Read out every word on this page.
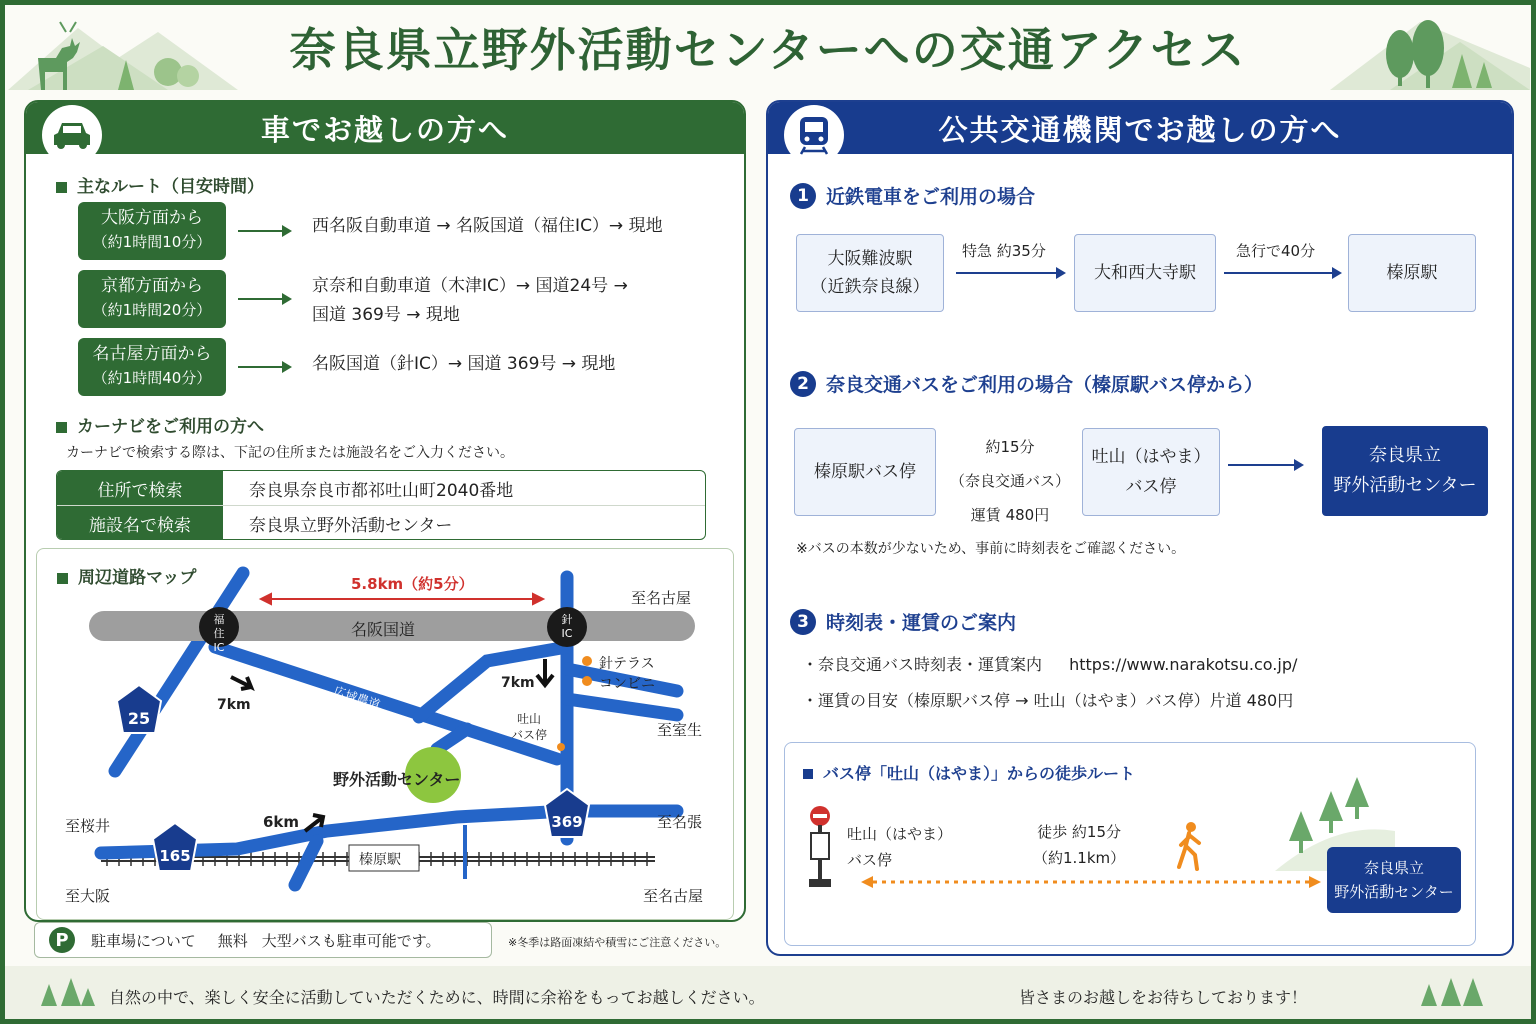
奈良県立野外活動センターへの交通アクセス
車でお越しの方へ
主なルート（目安時間）
大阪方面から
（約1時間10分）
西名阪自動車道 → 名阪国道（福住IC）→ 現地
京都方面から
（約1時間20分）
京奈和自動車道（木津IC）→ 国道24号 →
国道 369号 → 現地
名古屋方面から
（約1時間40分）
名阪国道（針IC）→ 国道 369号 → 現地
カーナビをご利用の方へ
カーナビで検索する際は、下記の住所または施設名をご入力ください。
住所で検索	奈良県奈良市都祁吐山町2040番地
施設名で検索	奈良県立野外活動センター
周辺道路マップ	5.8km（約5分）
名阪国道
福住
IC
針
IC
広域農道
針テラス
コンビニ
7km
7km
6km
吐山
バス停
野外活動センター
榛原駅
25
165
369
至名古屋
至室生
至名張
至桜井
至大阪	至名古屋
P	駐車場について 無料 大型バスも駐車可能です。	※冬季は路面凍結や積雪にご注意ください。
公共交通機関でお越しの方へ
1 近鉄電車をご利用の場合
大阪難波駅
（近鉄奈良線）
特急 約35分
大和西大寺駅
急行で40分
榛原駅
2 奈良交通バスをご利用の場合（榛原駅バス停から）
榛原駅バス停
約15分
（奈良交通バス）
運賃 480円
吐山（はやま）
バス停
奈良県立
野外活動センター
※バスの本数が少ないため、事前に時刻表をご確認ください。
3 時刻表・運賃のご案内
・奈良交通バス時刻表・運賃案内 https://www.narakotsu.co.jp/
・運賃の目安（榛原駅バス停 → 吐山（はやま）バス停）片道 480円
バス停「吐山（はやま）」からの徒歩ルート
吐山（はやま）
バス停
徒歩 約15分
（約1.1km）
奈良県立
野外活動センター
自然の中で、楽しく安全に活動していただくために、時間に余裕をもってお越しください。	皆さまのお越しをお待ちしております！
